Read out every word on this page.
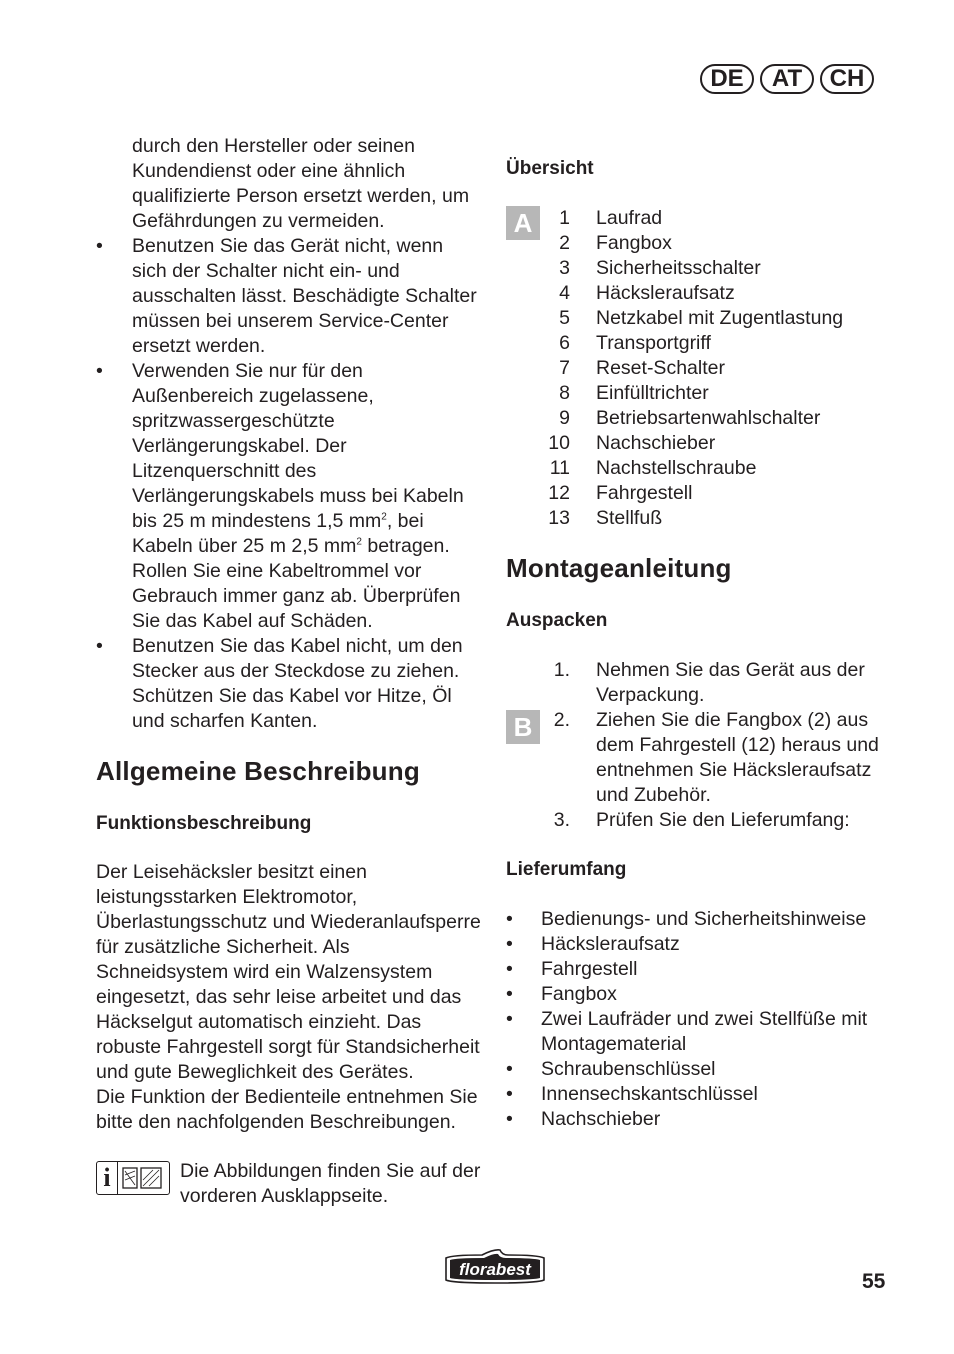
DE	AT	CH

durch den Hersteller oder seinen Kundendienst oder eine ähnlich qualifizierte Person ersetzt werden, um Gefährdungen zu vermeiden.

• Benutzen Sie das Gerät nicht, wenn sich der Schalter nicht ein- und ausschalten lässt. Beschädigte Schalter müssen bei unserem Service-Center ersetzt werden.
• Verwenden Sie nur für den Außenbereich zugelassene, spritzwassergeschützte Verlängerungskabel. Der Litzenquerschnitt des Verlängerungskabels muss bei Kabeln bis 25 m mindestens 1,5 $mm^2$, bei Kabeln über 25 m 2,5 $mm^2$ betragen. Rollen Sie eine Kabeltrommel vor Gebrauch immer ganz ab. Überprüfen Sie das Kabel auf Schäden.
• Benutzen Sie das Kabel nicht, um den Stecker aus der Steckdose zu ziehen. Schützen Sie das Kabel vor Hitze, Öl und scharfen Kanten.
Allgemeine Beschreibung
Funktionsbeschreibung

Der Leisehäcksler besitzt einen leistungsstarken Elektromotor, Überlastungsschutz und Wiederanlaufsperre für zusätzliche Sicherheit. Als Schneidsystem wird ein Walzensystem eingesetzt, das sehr leise arbeitet und das Häckselgut automatisch einzieht. Das robuste Fahrgestell sorgt für Standsicherheit und gute Beweglichkeit des Gerätes.

Die Funktion der Bedienteile entnehmen Sie bitte den nachfolgenden Beschreibungen.

i	Die Abbildungen finden Sie auf der vorderen Ausklappseite.
Übersicht
A	1	Laufrad
2	Fangbox
3	Sicherheitsschalter
4	Häcksleraufsatz
5	Netzkabel mit Zugentlastung
6	Transportgriff
7	Reset-Schalter
8	Einfülltrichter
9	Betriebsartenwahlschalter
10	Nachschieber
11	Nachstellschraube
12	Fahrgestell
13	Stellfuß
Montageanleitung
Auspacken
B
1.	Nehmen Sie das Gerät aus der Verpackung.
2.	Ziehen Sie die Fangbox (2) aus dem Fahrgestell (12) heraus und entnehmen Sie Häcksleraufsatz und Zubehör.
3.	Prüfen Sie den Lieferumfang:
Lieferumfang
• Bedienungs- und Sicherheitshinweise
• Häcksleraufsatz
• Fahrgestell
• Fangbox
• Zwei Laufräder und zwei Stellfüße mit Montagematerial
• Schraubenschlüssel
• Innensechskantschlüssel
• Nachschieber
florabest
55
